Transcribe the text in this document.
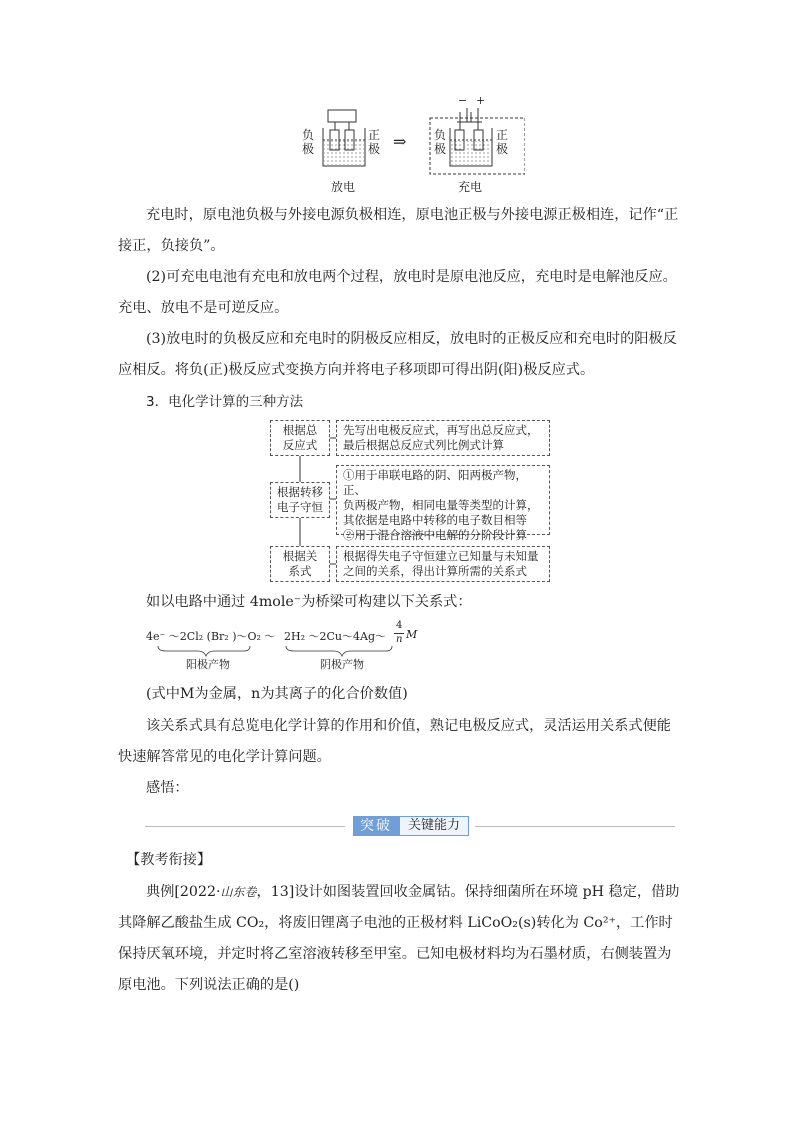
负极
正极 ⇒ 负极
正极
− +
放电	充电
充电时，原电池负极与外接电源负极相连，原电池正极与外接电源正极相连，记作“正接正，负接负”。
(2)可充电电池有充电和放电两个过程，放电时是原电池反应，充电时是电解池反应。充电、放电不是可逆反应。
(3)放电时的负极反应和充电时的阴极反应相反，放电时的正极反应和充电时的阳极反应相反。将负(正)极反应式变换方向并将电子移项即可得出阴(阳)极反应式。
3．电化学计算的三种方法
根据总
反应式
先写出电极反应式，再写出总反应式，
最后根据总反应式列比例式计算
根据转移
电子守恒
①用于串联电路的阴、阳两极产物，正、
负两极产物，相同电量等类型的计算，
其依据是电路中转移的电子数目相等
②用于混合溶液中电解的分阶段计算
根据关
系式
根据得失电子守恒建立已知量与未知量
之间的关系，得出计算所需的关系式
如以电路中通过 4mole⁻为桥梁可构建以下关系式：
4e⁻ ～2Cl₂ (Br₂ )～O₂ ～ 2H₂ ～2Cu～4Ag～
4
n M
阳极产物	阴极产物
(式中M为金属，n为其离子的化合价数值)
该关系式具有总览电化学计算的作用和价值，熟记电极反应式，灵活运用关系式便能快速解答常见的电化学计算问题。
感悟：
突破	关键能力
【教考衔接】
典例[2022·山东卷，13]设计如图装置回收金属钴。保持细菌所在环境 pH 稳定，借助其降解乙酸盐生成 CO₂，将废旧锂离子电池的正极材料 LiCoO₂(s)转化为 Co²⁺，工作时保持厌氧环境，并定时将乙室溶液转移至甲室。已知电极材料均为石墨材质，右侧装置为原电池。下列说法正确的是()
